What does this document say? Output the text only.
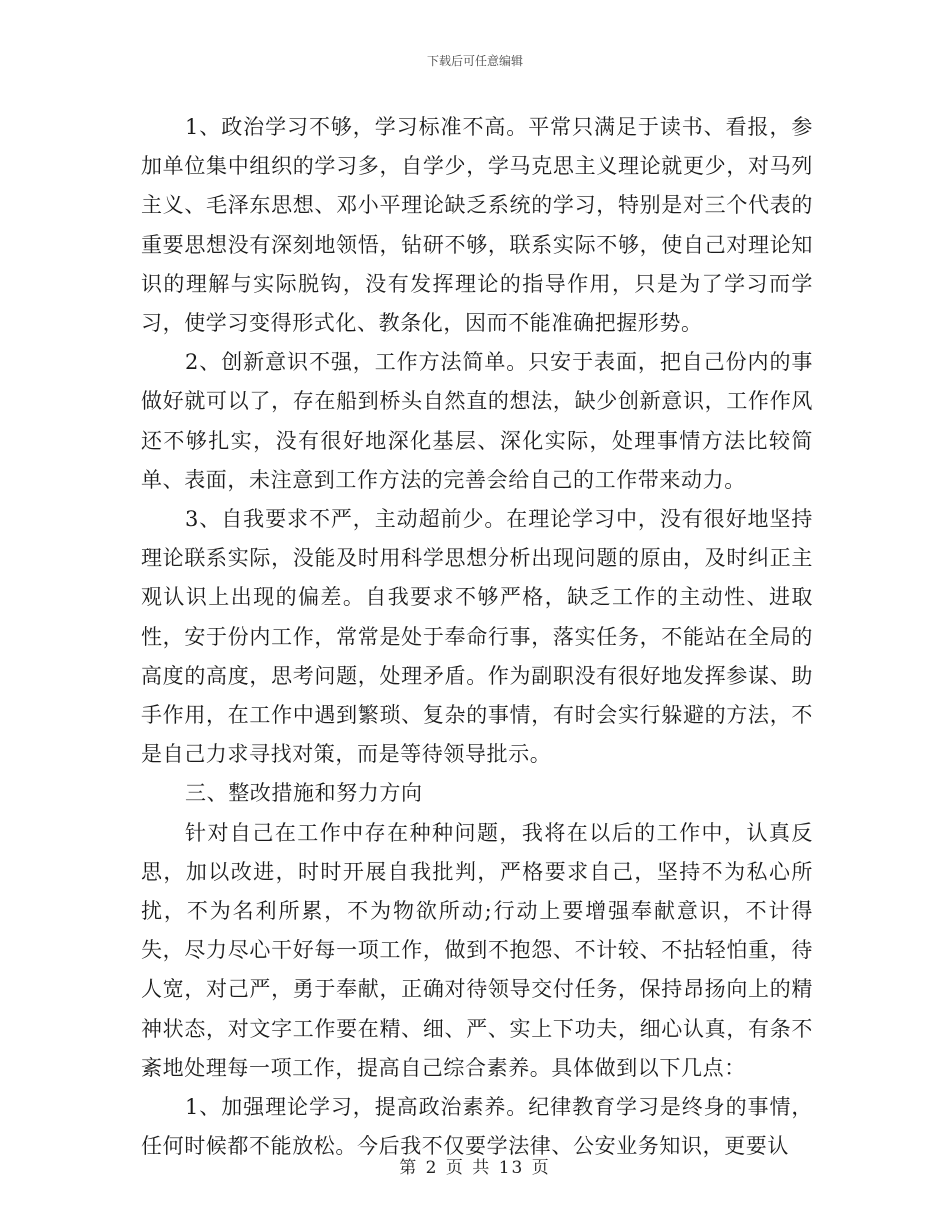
下载后可任意编辑

1、政治学习不够，学习标准不高。平常只满足于读书、看报，参加单位集中组织的学习多，自学少，学马克思主义理论就更少，对马列主义、毛泽东思想、邓小平理论缺乏系统的学习，特别是对三个代表的重要思想没有深刻地领悟，钻研不够，联系实际不够，使自己对理论知识的理解与实际脱钩，没有发挥理论的指导作用，只是为了学习而学习，使学习变得形式化、教条化，因而不能准确把握形势。

2、创新意识不强，工作方法简单。只安于表面，把自己份内的事做好就可以了，存在船到桥头自然直的想法，缺少创新意识，工作作风还不够扎实，没有很好地深化基层、深化实际，处理事情方法比较简单、表面，未注意到工作方法的完善会给自己的工作带来动力。

3、自我要求不严，主动超前少。在理论学习中，没有很好地坚持理论联系实际，没能及时用科学思想分析出现问题的原由，及时纠正主观认识上出现的偏差。自我要求不够严格，缺乏工作的主动性、进取性，安于份内工作，常常是处于奉命行事，落实任务，不能站在全局的高度的高度，思考问题，处理矛盾。作为副职没有很好地发挥参谋、助手作用，在工作中遇到繁琐、复杂的事情，有时会实行躲避的方法，不是自己力求寻找对策，而是等待领导批示。

三、整改措施和努力方向

针对自己在工作中存在种种问题，我将在以后的工作中，认真反思，加以改进，时时开展自我批判，严格要求自己，坚持不为私心所扰，不为名利所累，不为物欲所动;行动上要增强奉献意识，不计得失，尽力尽心干好每一项工作，做到不抱怨、不计较、不拈轻怕重，待人宽，对己严，勇于奉献，正确对待领导交付任务，保持昂扬向上的精神状态，对文字工作要在精、细、严、实上下功夫，细心认真，有条不紊地处理每一项工作，提高自己综合素养。具体做到以下几点：

1、加强理论学习，提高政治素养。纪律教育学习是终身的事情，任何时候都不能放松。今后我不仅要学法律、公安业务知识，更要认

第 2 页 共 13 页
